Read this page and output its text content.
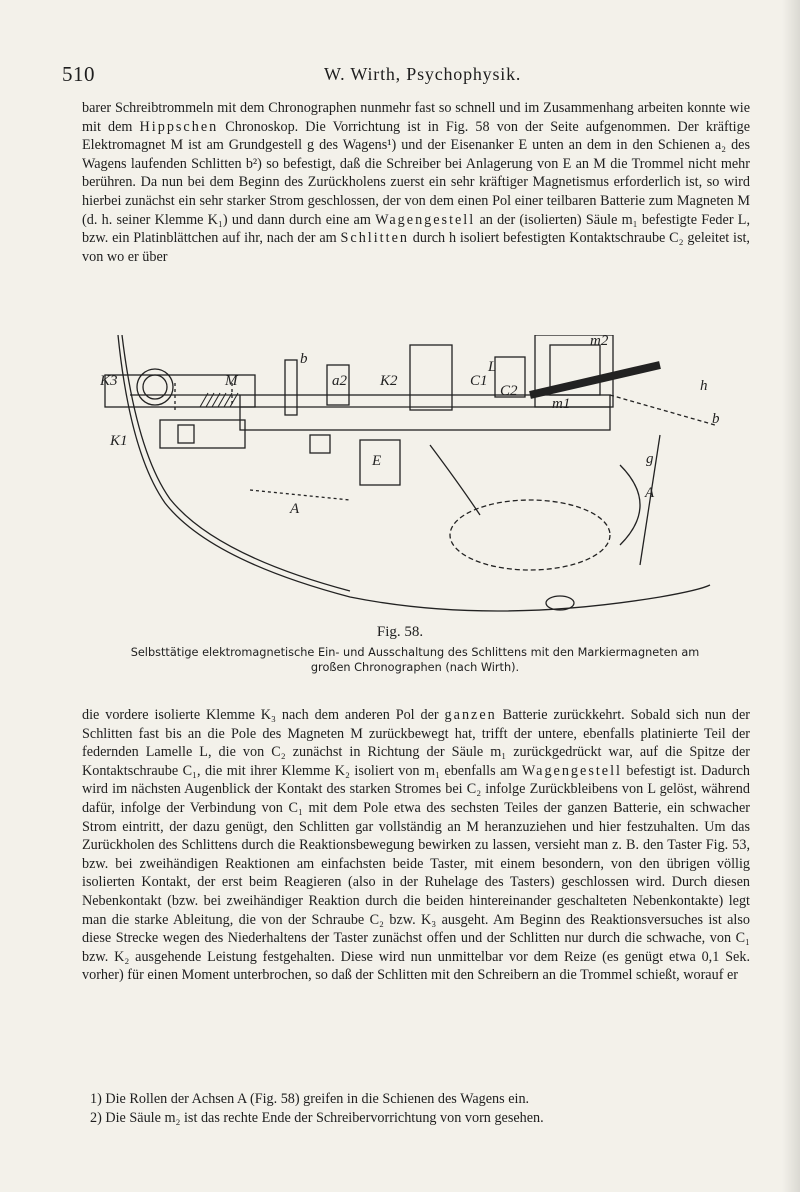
510	W. Wirth, Psychophysik.

barer Schreibtrommeln mit dem Chronographen nunmehr fast so schnell und im Zusammenhang arbeiten konnte wie mit dem Hippschen Chronoskop. Die Vorrichtung ist in Fig. 58 von der Seite aufgenommen. Der kräftige Elektromagnet M ist am Grundgestell g des Wagens¹) und der Eisenanker E unten an dem in den Schienen a₂ des Wagens laufenden Schlitten b²) so befestigt, daß die Schreiber bei Anlagerung von E an M die Trommel nicht mehr berühren. Da nun bei dem Beginn des Zurückholens zuerst ein sehr kräftiger Magnetismus erforderlich ist, so wird hierbei zunächst ein sehr starker Strom geschlossen, der von dem einen Pol einer teilbaren Batterie zum Magneten M (d. h. seiner Klemme K₁) und dann durch eine am Wagengestell an der (isolierten) Säule m₁ befestigte Feder L, bzw. ein Platinblättchen auf ihr, nach der am Schlitten durch h isoliert befestigten Kontaktschraube C₂ geleitet ist, von wo er über

m2
L
C2
K3	M
b
a2 K2	C1	h
b
m1
K1
E	g
A
A
Fig. 58.
Selbsttätige elektromagnetische Ein- und Ausschaltung des Schlittens mit den Markiermagneten am großen Chronographen (nach Wirth).

die vordere isolierte Klemme K₃ nach dem anderen Pol der ganzen Batterie zurückkehrt. Sobald sich nun der Schlitten fast bis an die Pole des Magneten M zurückbewegt hat, trifft der untere, ebenfalls platinierte Teil der federnden Lamelle L, die von C₂ zunächst in Richtung der Säule m₁ zurückgedrückt war, auf die Spitze der Kontaktschraube C₁, die mit ihrer Klemme K₂ isoliert von m₁ ebenfalls am Wagengestell befestigt ist. Dadurch wird im nächsten Augenblick der Kontakt des starken Stromes bei C₂ infolge Zurückbleibens von L gelöst, während dafür, infolge der Verbindung von C₁ mit dem Pole etwa des sechsten Teiles der ganzen Batterie, ein schwacher Strom eintritt, der dazu genügt, den Schlitten gar vollständig an M heranzuziehen und hier festzuhalten. Um das Zurückholen des Schlittens durch die Reaktionsbewegung bewirken zu lassen, versieht man z. B. den Taster Fig. 53, bzw. bei zweihändigen Reaktionen am einfachsten beide Taster, mit einem besondern, von den übrigen völlig isolierten Kontakt, der erst beim Reagieren (also in der Ruhelage des Tasters) geschlossen wird. Durch diesen Nebenkontakt (bzw. bei zweihändiger Reaktion durch die beiden hintereinander geschalteten Nebenkontakte) legt man die starke Ableitung, die von der Schraube C₂ bzw. K₃ ausgeht. Am Beginn des Reaktionsversuches ist also diese Strecke wegen des Niederhaltens der Taster zunächst offen und der Schlitten nur durch die schwache, von C₁ bzw. K₂ ausgehende Leistung festgehalten. Diese wird nun unmittelbar vor dem Reize (es genügt etwa 0,1 Sek. vorher) für einen Moment unterbrochen, so daß der Schlitten mit den Schreibern an die Trommel schießt, worauf er

1) Die Rollen der Achsen A (Fig. 58) greifen in die Schienen des Wagens ein.

2) Die Säule m₂ ist das rechte Ende der Schreibervorrichtung von vorn gesehen.
